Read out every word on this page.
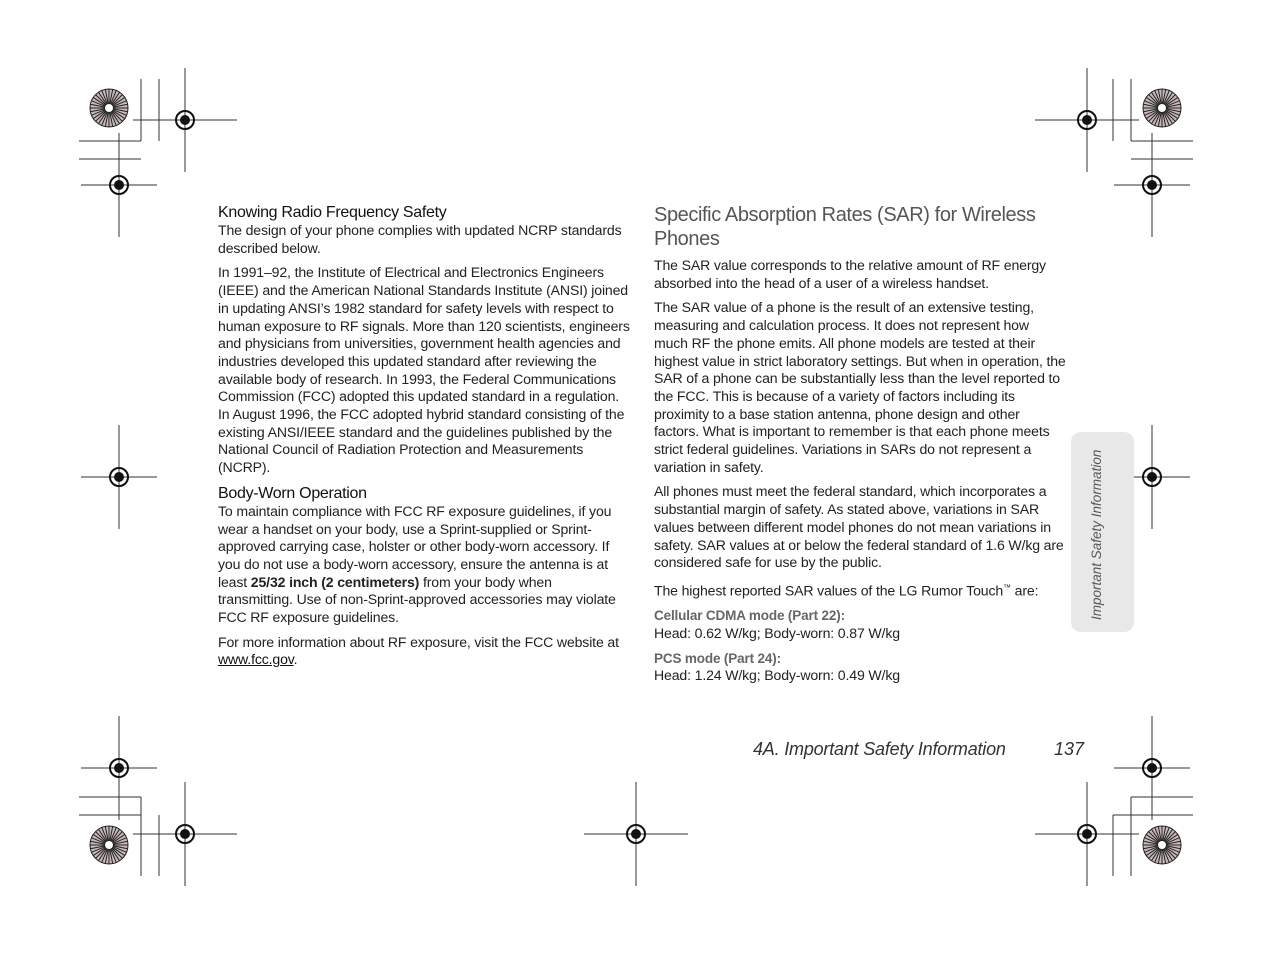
Knowing Radio Frequency Safety

The design of your phone complies with updated NCRP standards described below.

In 1991–92, the Institute of Electrical and Electronics Engineers (IEEE) and the American National Standards Institute (ANSI) joined in updating ANSI’s 1982 standard for safety levels with respect to human exposure to RF signals. More than 120 scientists, engineers and physicians from universities, government health agencies and industries developed this updated standard after reviewing the available body of research. In 1993, the Federal Communications Commission (FCC) adopted this updated standard in a regulation. In August 1996, the FCC adopted hybrid standard consisting of the existing ANSI/IEEE standard and the guidelines published by the National Council of Radiation Protection and Measurements (NCRP).

Body-Worn Operation

To maintain compliance with FCC RF exposure guidelines, if you wear a handset on your body, use a Sprint-supplied or Sprint-approved carrying case, holster or other body-worn accessory. If you do not use a body-worn accessory, ensure the antenna is at least 25/32 inch (2 centimeters) from your body when transmitting. Use of non-Sprint-approved accessories may violate FCC RF exposure guidelines.

For more information about RF exposure, visit the FCC website at www.fcc.gov.

Specific Absorption Rates (SAR) for Wireless Phones

The SAR value corresponds to the relative amount of RF energy absorbed into the head of a user of a wireless handset.

The SAR value of a phone is the result of an extensive testing, measuring and calculation process. It does not represent how much RF the phone emits. All phone models are tested at their highest value in strict laboratory settings. But when in operation, the SAR of a phone can be substantially less than the level reported to the FCC. This is because of a variety of factors including its proximity to a base station antenna, phone design and other factors. What is important to remember is that each phone meets strict federal guidelines. Variations in SARs do not represent a variation in safety.

All phones must meet the federal standard, which incorporates a substantial margin of safety. As stated above, variations in SAR values between different model phones do not mean variations in safety. SAR values at or below the federal standard of 1.6 W/kg are considered safe for use by the public.

The highest reported SAR values of the LG Rumor Touch™ are:

Cellular CDMA mode (Part 22):
Head: 0.62 W/kg; Body-worn: 0.87 W/kg

PCS mode (Part 24):
Head: 1.24 W/kg; Body-worn: 0.49 W/kg

Important Safety Information
4A. Important Safety Information	137
